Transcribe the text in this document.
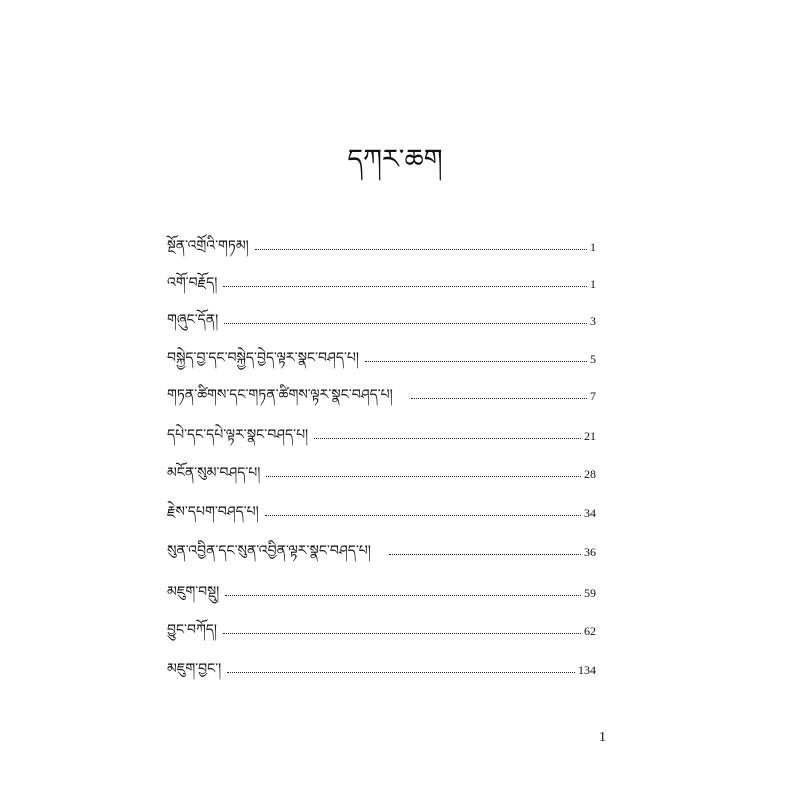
དཀར་ཆག
སྔོན་འགྲོའི་གཏམ།	1
འགོ་བརྗོད།	1
གཞུང་དོན།	3
བསྐྱེད་བྱ་དང་བསྐྱེད་བྱེད་ལྟར་སྣང་བཤད་པ།	5
གཏན་ཚིགས་དང་གཏན་ཚིགས་ལྟར་སྣང་བཤད་པ།	7
དཔེ་དང་དཔེ་ལྟར་སྣང་བཤད་པ།	21
མངོན་སུམ་བཤད་པ།	28
རྗེས་དཔག་བཤད་པ།	34
སུན་འབྱིན་དང་སུན་འབྱིན་ལྟར་སྣང་བཤད་པ།	36
མཇུག་བསྡུ།	59
བྱུང་བཀོད།	62
མཇུག་བྱང་།	134
1
